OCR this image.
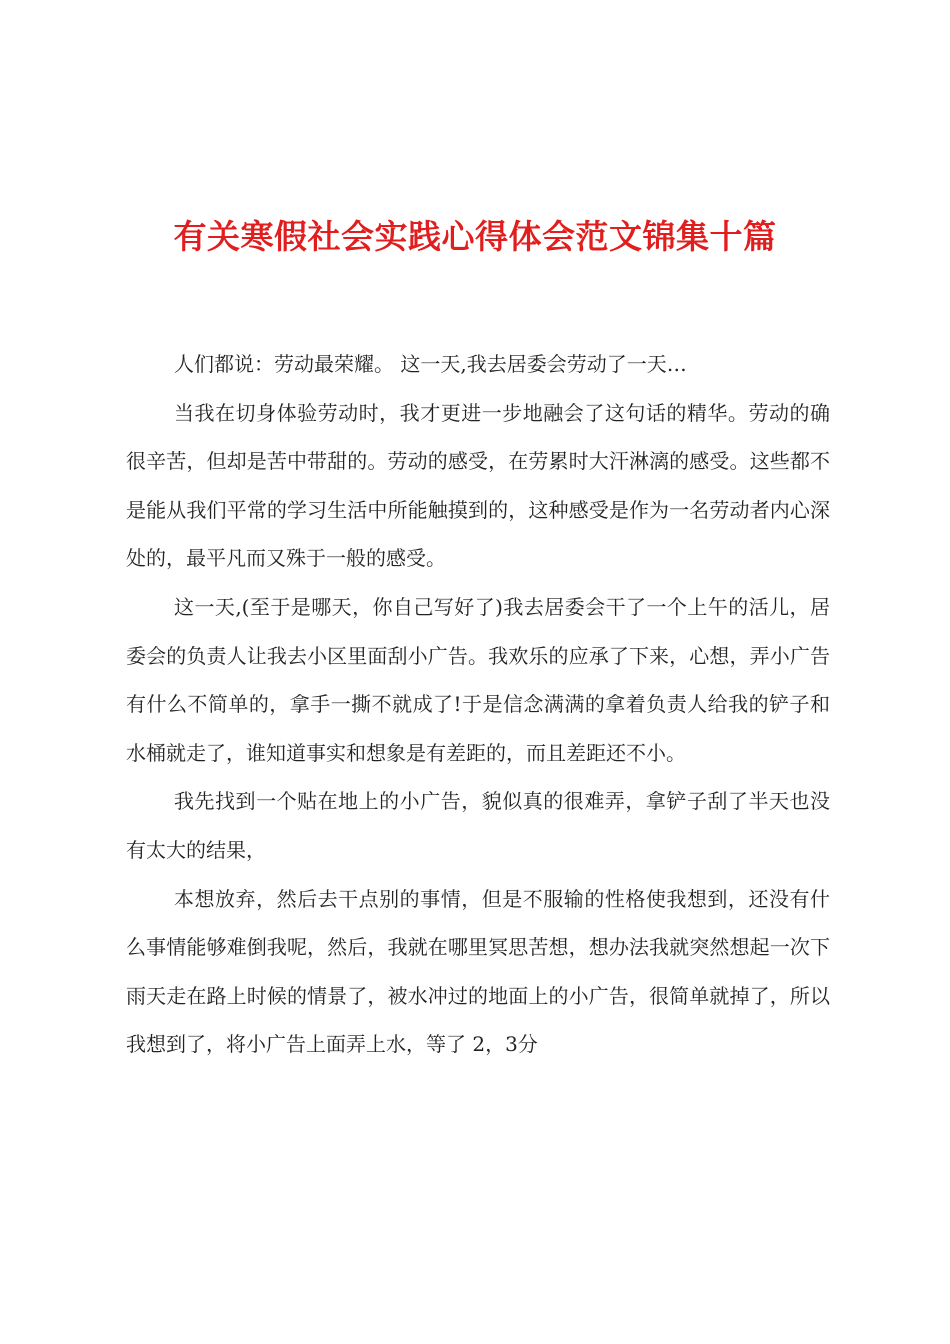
有关寒假社会实践心得体会范文锦集十篇

人们都说：劳动最荣耀。 这一天,我去居委会劳动了一天…

当我在切身体验劳动时，我才更进一步地融会了这句话的精华。劳动的确很辛苦，但却是苦中带甜的。劳动的感受，在劳累时大汗淋漓的感受。这些都不是能从我们平常的学习生活中所能触摸到的，这种感受是作为一名劳动者内心深处的，最平凡而又殊于一般的感受。

这一天,(至于是哪天，你自己写好了)我去居委会干了一个上午的活儿，居委会的负责人让我去小区里面刮小广告。我欢乐的应承了下来，心想，弄小广告有什么不简单的，拿手一撕不就成了!于是信念满满的拿着负责人给我的铲子和水桶就走了，谁知道事实和想象是有差距的，而且差距还不小。

我先找到一个贴在地上的小广告，貌似真的很难弄，拿铲子刮了半天也没有太大的结果，

本想放弃，然后去干点别的事情，但是不服输的性格使我想到，还没有什么事情能够难倒我呢，然后，我就在哪里冥思苦想，想办法我就突然想起一次下雨天走在路上时候的情景了，被水冲过的地面上的小广告，很简单就掉了，所以我想到了，将小广告上面弄上水，等了 2，3分
